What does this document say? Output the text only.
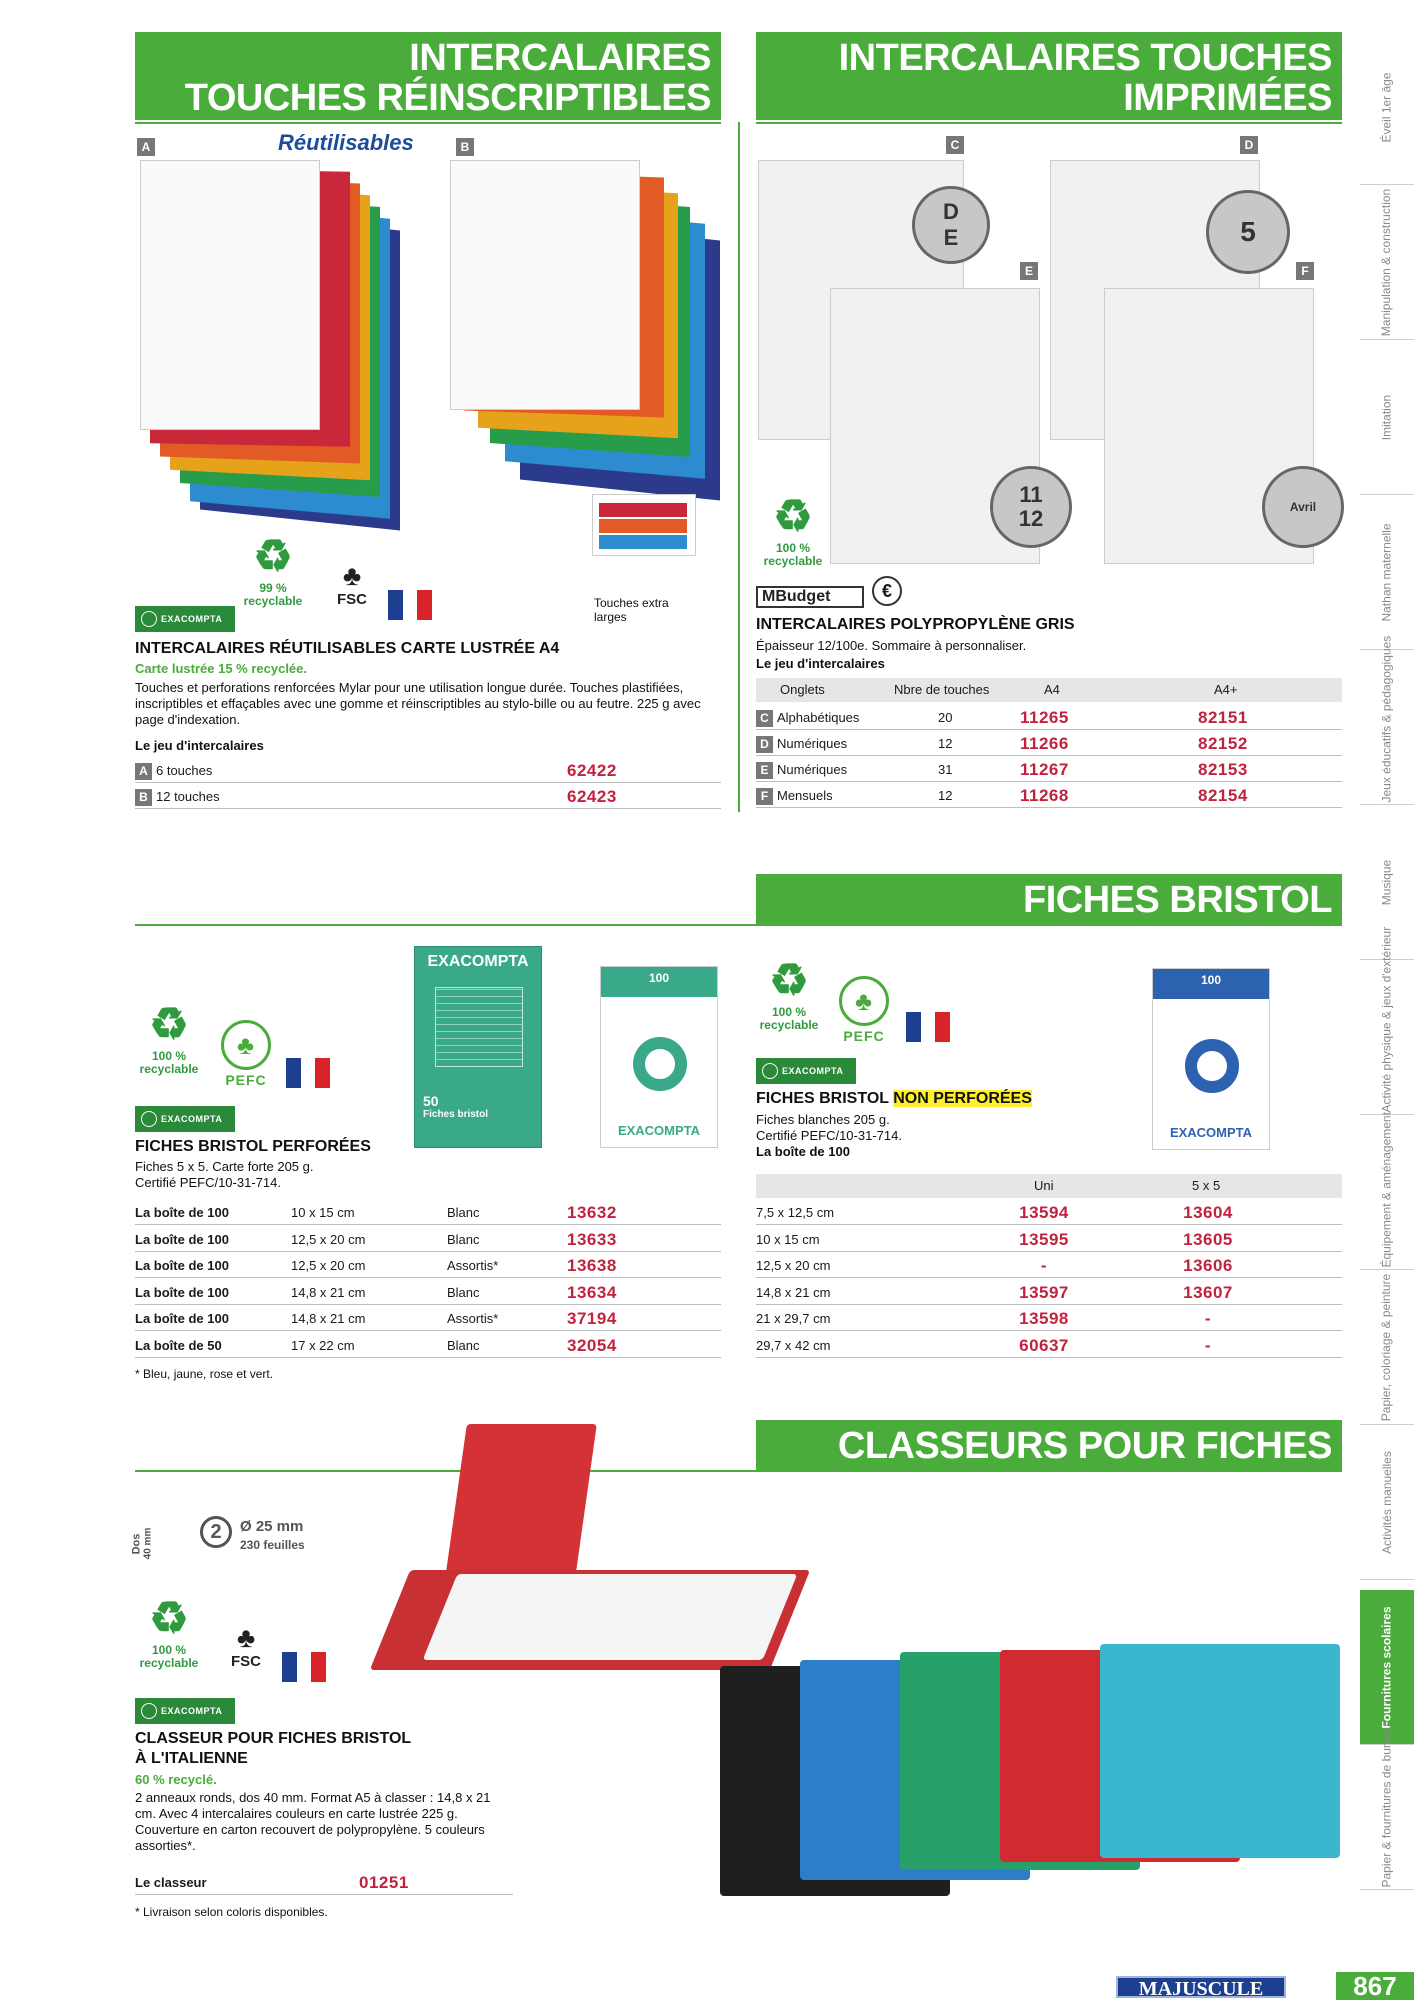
Éveil 1er âge
Manipulation & construction
Imitation
Nathan maternelle
Jeux éducatifs & pédagogiques
Musique
Activité physique & jeux d'extérieur
Équipement & aménagement
Papier, coloriage & peinture
Activités manuelles
Fournitures scolaires
Papier & fournitures de bureau
INTERCALAIRES
TOUCHES RÉINSCRIPTIBLES
INTERCALAIRES TOUCHES
IMPRIMÉES
FICHES BRISTOL
CLASSEURS POUR FICHES
A	B
Réutilisables
Touches extra larges
♻
99 %
recyclable
♣
FSC
EXACOMPTA
INTERCALAIRES RÉUTILISABLES CARTE LUSTRÉE A4
Carte lustrée 15 % recyclée.
Touches et perforations renforcées Mylar pour une utilisation longue durée. Touches plastifiées, inscriptibles et effaçables avec une gomme et réinscriptibles au stylo-bille ou au feutre. 225 g avec page d'indexation.
Le jeu d'intercalaires
A 6 touches	62422
B 12 touches	62423
C	D
E	F
D
E	5
11
12	Avril
♻
100 %
recyclable
MBudget	€
INTERCALAIRES POLYPROPYLÈNE GRIS
Épaisseur 12/100e. Sommaire à personnaliser.
Le jeu d'intercalaires
Onglets	Nbre de touches	A4	A4+
C Alphabétiques	20	11265	82151
D Numériques	12	11266	82152
E Numériques	31	11267	82153
F Mensuels	12	11268	82154
EXACOMPTA
50
Fiches bristol
100
EXACOMPTA
♻
100 %
recyclable
♣
PEFC
EXACOMPTA
FICHES BRISTOL PERFORÉES
Fiches 5 x 5. Carte forte 205 g.
Certifié PEFC/10-31-714.
La boîte de 100	10 x 15 cm	Blanc	13632
La boîte de 100	12,5 x 20 cm	Blanc	13633
La boîte de 100	12,5 x 20 cm	Assortis*	13638
La boîte de 100	14,8 x 21 cm	Blanc	13634
La boîte de 100	14,8 x 21 cm	Assortis*	37194
La boîte de 50	17 x 22 cm	Blanc	32054
* Bleu, jaune, rose et vert.
100
EXACOMPTA
♻
100 %
recyclable
♣
PEFC
EXACOMPTA
FICHES BRISTOL NON PERFORÉES
Fiches blanches 205 g.
Certifié PEFC/10-31-714.
La boîte de 100
Uni	5 x 5
7,5 x 12,5 cm	13594	13604
10 x 15 cm	13595	13605
12,5 x 20 cm	-	13606
14,8 x 21 cm	13597	13607
21 x 29,7 cm	13598	-
29,7 x 42 cm	60637	-
Dos 40 mm	2	Ø 25 mm
230 feuilles
♻
100 %
recyclable
♣
FSC
EXACOMPTA
CLASSEUR POUR FICHES BRISTOL
À L'ITALIENNE
60 % recyclé.
2 anneaux ronds, dos 40 mm. Format A5 à classer : 14,8 x 21 cm. Avec 4 intercalaires couleurs en carte lustrée 225 g. Couverture en carton recouvert de polypropylène. 5 couleurs assorties*.
Le classeur	01251
* Livraison selon coloris disponibles.
MAJUSCULE	867
